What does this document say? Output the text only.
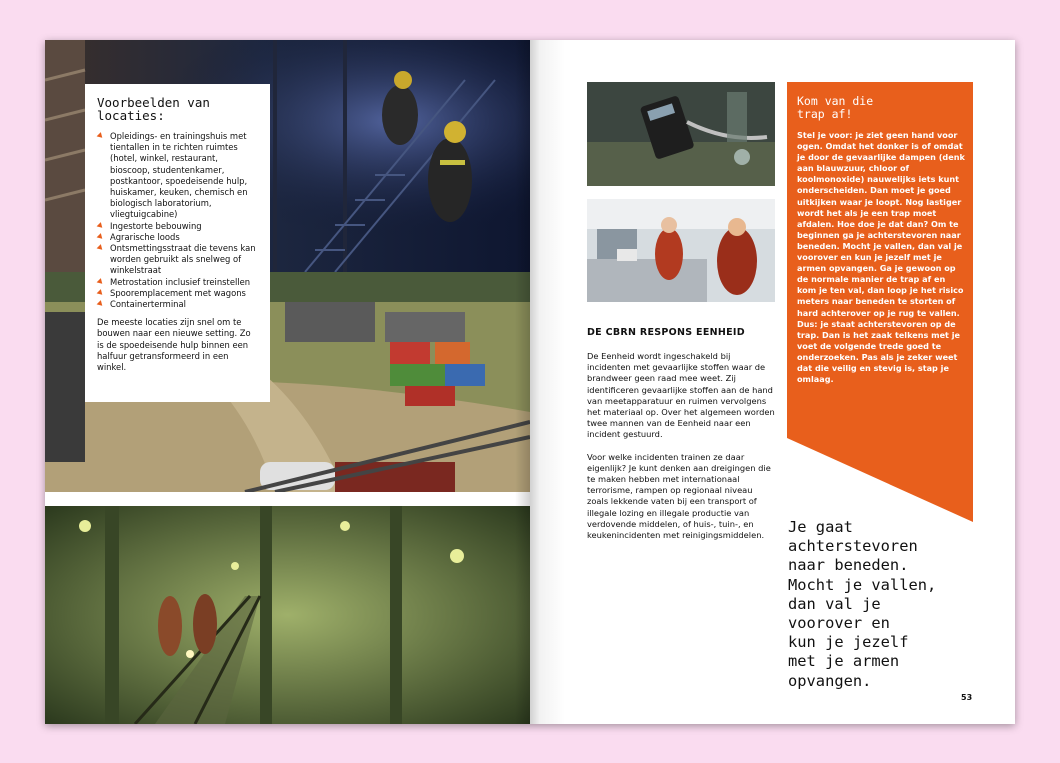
Voorbeelden van
locaties:
Opleidings- en trainingshuis met tientallen in te richten ruimtes (hotel, winkel, restaurant, bioscoop, studentenkamer, postkantoor, spoedeisende hulp, huiskamer, keuken, chemisch en biologisch laboratorium, vliegtuigcabine)
Ingestorte bebouwing
Agrarische loods
Ontsmettingsstraat die tevens kan worden gebruikt als snelweg of winkelstraat
Metrostation inclusief treinstellen
Spooremplacement met wagons
Containerterminal

De meeste locaties zijn snel om te bouwen naar een nieuwe setting. Zo is de spoedeisende hulp binnen een halfuur getransformeerd in een winkel.

DE CBRN RESPONS EENHEID

De Eenheid wordt ingeschakeld bij incidenten met gevaarlijke stoffen waar de brandweer geen raad mee weet. Zij identificeren gevaarlijke stoffen aan de hand van meetapparatuur en ruimen vervolgens het materiaal op. Over het algemeen worden twee mannen van de Eenheid naar een incident gestuurd.

Voor welke incidenten trainen ze daar eigenlijk? Je kunt denken aan dreigingen die te maken hebben met internationaal terrorisme, rampen op regionaal niveau zoals lekkende vaten bij een transport of illegale lozing en illegale productie van verdovende middelen, of huis-, tuin-, en keukenincidenten met reinigingsmiddelen.

Kom van die
trap af!
Stel je voor: je ziet geen hand voor ogen. Omdat het donker is of omdat je door de gevaarlijke dampen (denk aan blauwzuur, chloor of koolmonoxide) nauwelijks iets kunt onderscheiden. Dan moet je goed uitkijken waar je loopt. Nog lastiger wordt het als je een trap moet afdalen. Hoe doe je dat dan? Om te beginnen ga je achterstevoren naar beneden. Mocht je vallen, dan val je voorover en kun je jezelf met je armen opvangen. Ga je gewoon op de normale manier de trap af en kom je ten val, dan loop je het risico meters naar beneden te storten of hard achterover op je rug te vallen. Dus: je staat achterstevoren op de trap. Dan is het zaak telkens met je voet de volgende trede goed te onderzoeken. Pas als je zeker weet dat die veilig en stevig is, stap je omlaag.
Je gaat
achterstevoren
naar beneden.
Mocht je vallen,
dan val je
voorover en
kun je jezelf
met je armen
opvangen.
53
